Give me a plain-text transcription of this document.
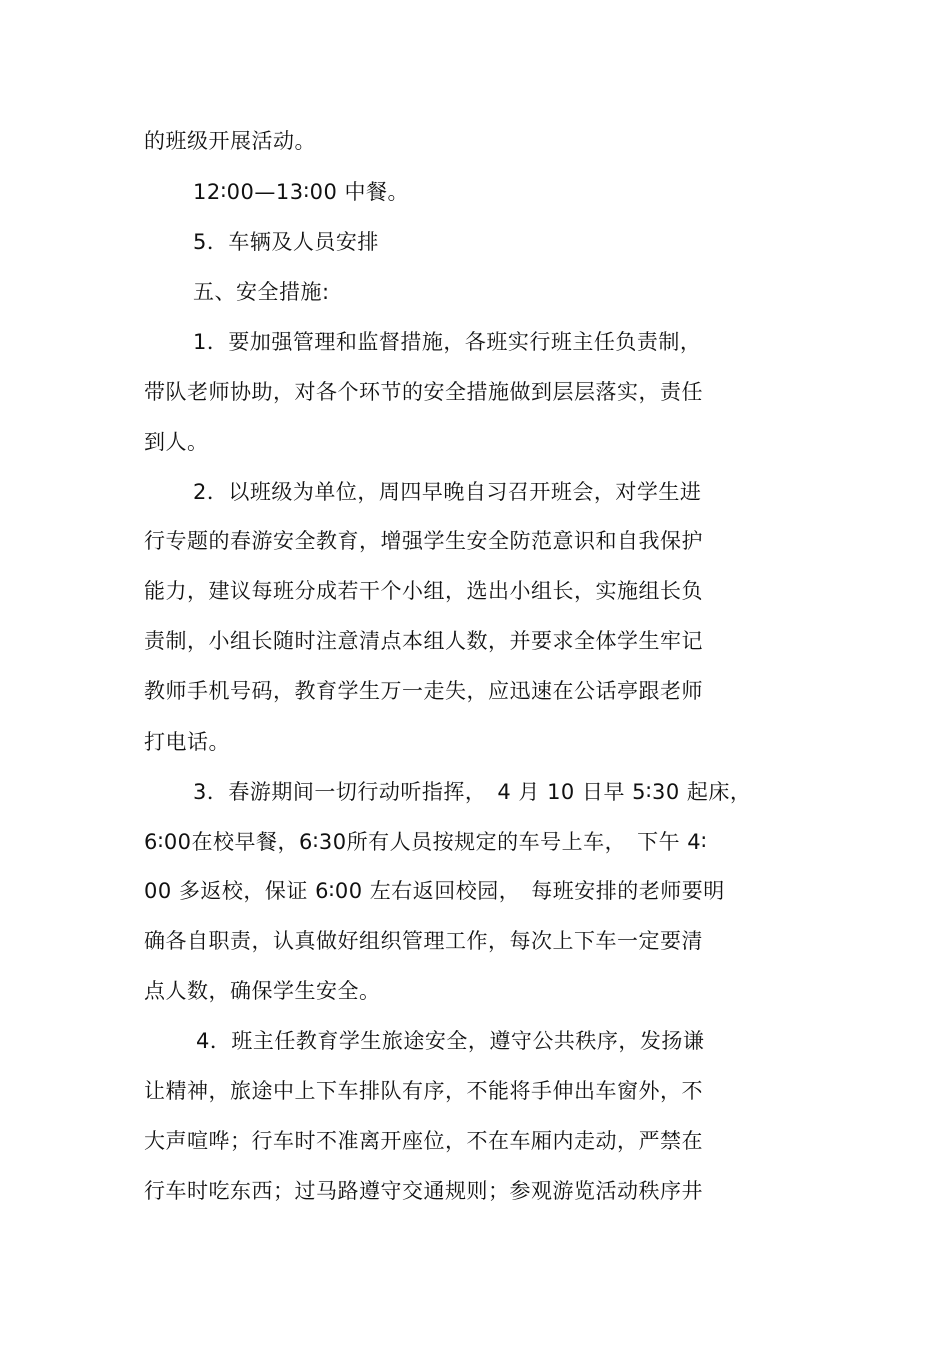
的班级开展活动。
12∶00—13∶00 中餐。
5．车辆及人员安排
五、安全措施:
1．要加强管理和监督措施，各班实行班主任负责制，
带队老师协助，对各个环节的安全措施做到层层落实，责任
到人。
2．以班级为单位，周四早晚自习召开班会，对学生进
行专题的春游安全教育，增强学生安全防范意识和自我保护
能力，建议每班分成若干个小组，选出小组长，实施组长负
责制，小组长随时注意清点本组人数，并要求全体学生牢记
教师手机号码，教育学生万一走失，应迅速在公话亭跟老师
打电话。
3．春游期间一切行动听指挥，　4 月 10 日早 5∶30 起床，
6∶00在校早餐，6∶30所有人员按规定的车号上车，　下午 4∶
00 多返校，保证 6∶00 左右返回校园，　每班安排的老师要明
确各自职责，认真做好组织管理工作，每次上下车一定要清
点人数，确保学生安全。
4．班主任教育学生旅途安全，遵守公共秩序，发扬谦
让精神，旅途中上下车排队有序，不能将手伸出车窗外，不
大声喧哗；行车时不准离开座位，不在车厢内走动，严禁在
行车时吃东西；过马路遵守交通规则；参观游览活动秩序井
